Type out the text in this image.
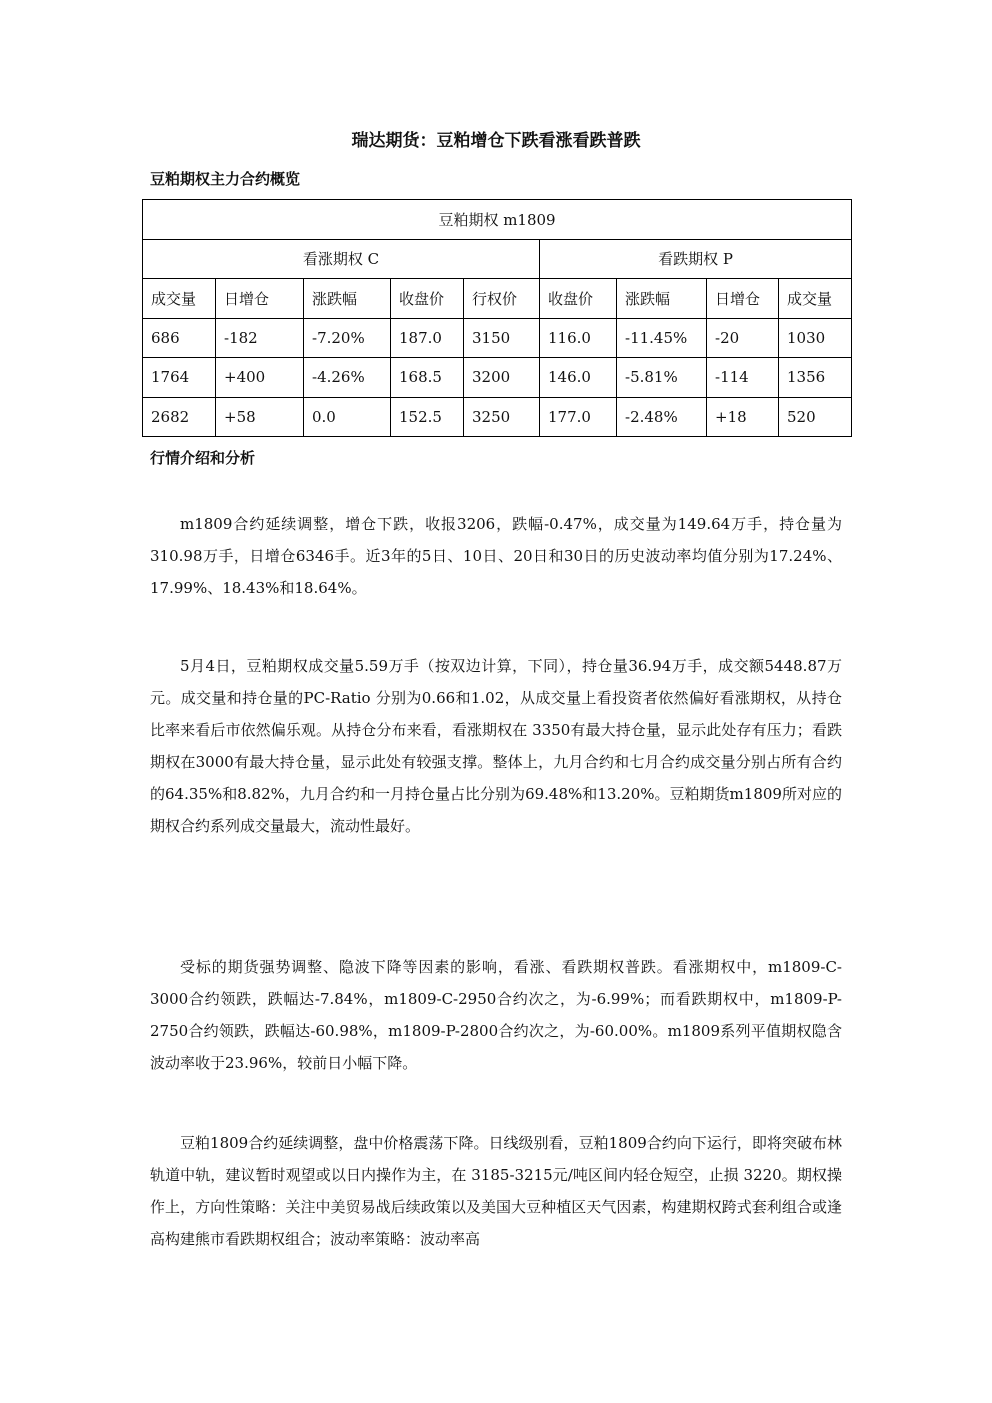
瑞达期货：豆粕增仓下跌看涨看跌普跌
豆粕期权主力合约概览
豆粕期权 m1809								
看涨期权 C					看跌期权 P			
成交量	日增仓	涨跌幅	收盘价	行权价	收盘价	涨跌幅	日增仓	成交量
686	-182	-7.20%	187.0	3150	116.0	-11.45%	-20	1030
1764	+400	-4.26%	168.5	3200	146.0	-5.81%	-114	1356
2682	+58	0.0	152.5	3250	177.0	-2.48%	+18	520
行情介绍和分析

m1809合约延续调整，增仓下跌，收报3206，跌幅-0.47%，成交量为149.64万手，持仓量为310.98万手，日增仓6346手。近3年的5日、10日、20日和30日的历史波动率均值分别为17.24%、17.99%、18.43%和18.64%。

5月4日，豆粕期权成交量5.59万手（按双边计算，下同），持仓量36.94万手，成交额5448.87万元。成交量和持仓量的PC-Ratio 分别为0.66和1.02，从成交量上看投资者依然偏好看涨期权，从持仓比率来看后市依然偏乐观。从持仓分布来看，看涨期权在 3350有最大持仓量，显示此处存有压力；看跌期权在3000有最大持仓量，显示此处有较强支撑。整体上，九月合约和七月合约成交量分别占所有合约的64.35%和8.82%，九月合约和一月持仓量占比分别为69.48%和13.20%。豆粕期货m1809所对应的期权合约系列成交量最大，流动性最好。

受标的期货强势调整、隐波下降等因素的影响，看涨、看跌期权普跌。看涨期权中，m1809-C-3000合约领跌，跌幅达-7.84%，m1809-C-2950合约次之，为-6.99%；而看跌期权中，m1809-P-2750合约领跌，跌幅达-60.98%，m1809-P-2800合约次之，为-60.00%。m1809系列平值期权隐含波动率收于23.96%，较前日小幅下降。

豆粕1809合约延续调整，盘中价格震荡下降。日线级别看，豆粕1809合约向下运行，即将突破布林轨道中轨，建议暂时观望或以日内操作为主，在 3185-3215元/吨区间内轻仓短空，止损 3220。期权操作上，方向性策略：关注中美贸易战后续政策以及美国大豆种植区天气因素，构建期权跨式套利组合或逢高构建熊市看跌期权组合；波动率策略：波动率高
